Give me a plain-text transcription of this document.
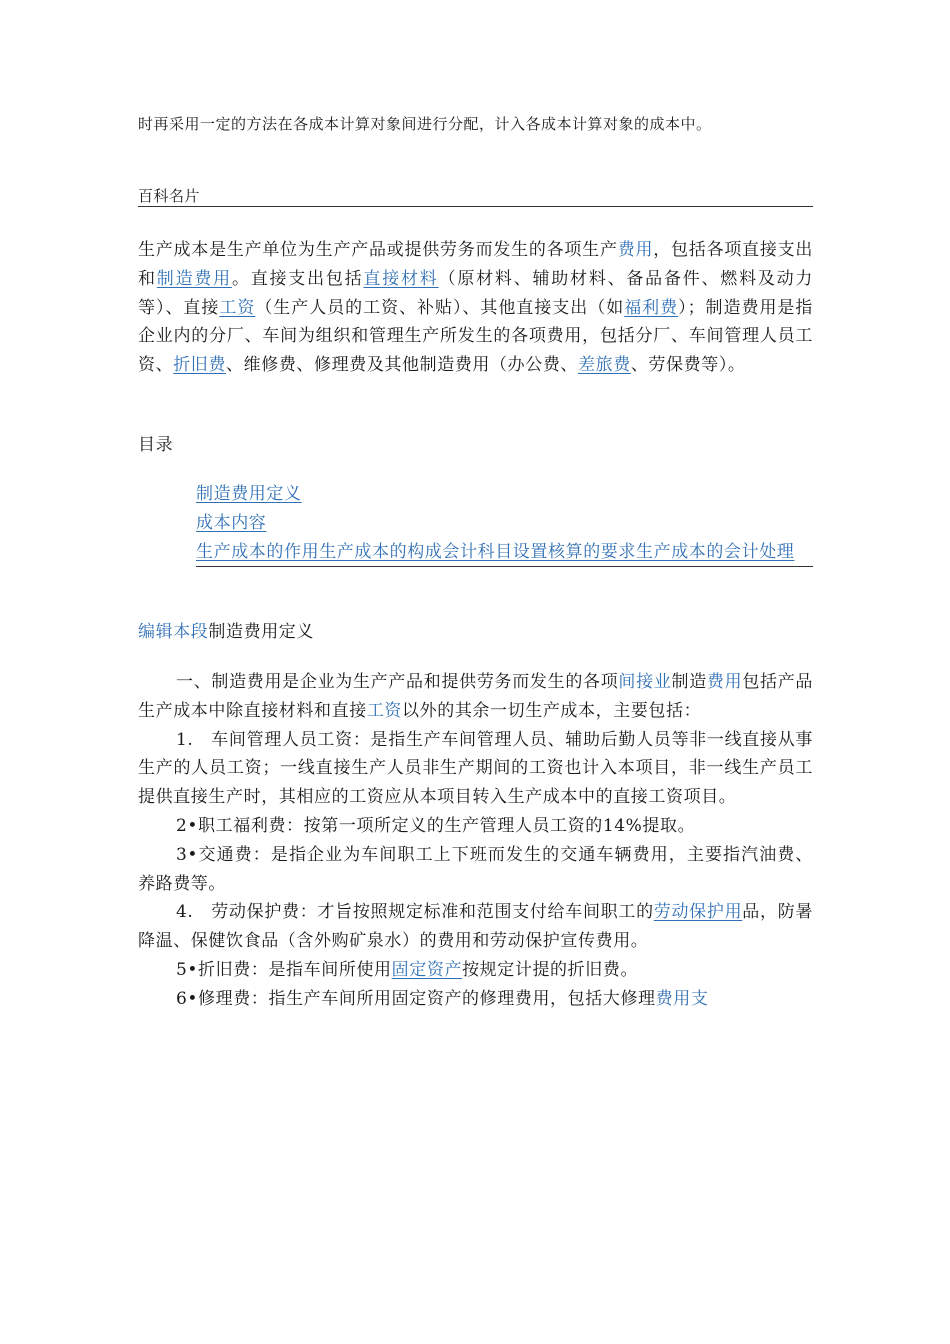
时再采用一定的方法在各成本计算对象间进行分配，计入各成本计算对象的成本中。

百科名片

生产成本是生产单位为生产产品或提供劳务而发生的各项生产费用，包括各项直接支出和制造费用。直接支出包括直接材料（原材料、辅助材料、备品备件、燃料及动力等）、直接工资（生产人员的工资、补贴）、其他直接支出（如福利费）；制造费用是指企业内的分厂、车间为组织和管理生产所发生的各项费用，包括分厂、车间管理人员工资、折旧费、维修费、修理费及其他制造费用（办公费、差旅费、劳保费等）。

目录

制造费用定义
成本内容
生产成本的作用生产成本的构成会计科目设置核算的要求生产成本的会计处理

编辑本段制造费用定义

一、制造费用是企业为生产产品和提供劳务而发生的各项间接业制造费用包括产品生产成本中除直接材料和直接工资以外的其余一切生产成本，主要包括：

1.　车间管理人员工资：是指生产车间管理人员、辅助后勤人员等非一线直接从事生产的人员工资；一线直接生产人员非生产期间的工资也计入本项目，非一线生产员工提供直接生产时，其相应的工资应从本项目转入生产成本中的直接工资项目。

2•职工福利费：按第一项所定义的生产管理人员工资的14%提取。

3•交通费：是指企业为车间职工上下班而发生的交通车辆费用，主要指汽油费、养路费等。

4.　劳动保护费：才旨按照规定标准和范围支付给车间职工的劳动保护用品，防暑降温、保健饮食品（含外购矿泉水）的费用和劳动保护宣传费用。

5•折旧费：是指车间所使用固定资产按规定计提的折旧费。

6•修理费：指生产车间所用固定资产的修理费用，包括大修理费用支
